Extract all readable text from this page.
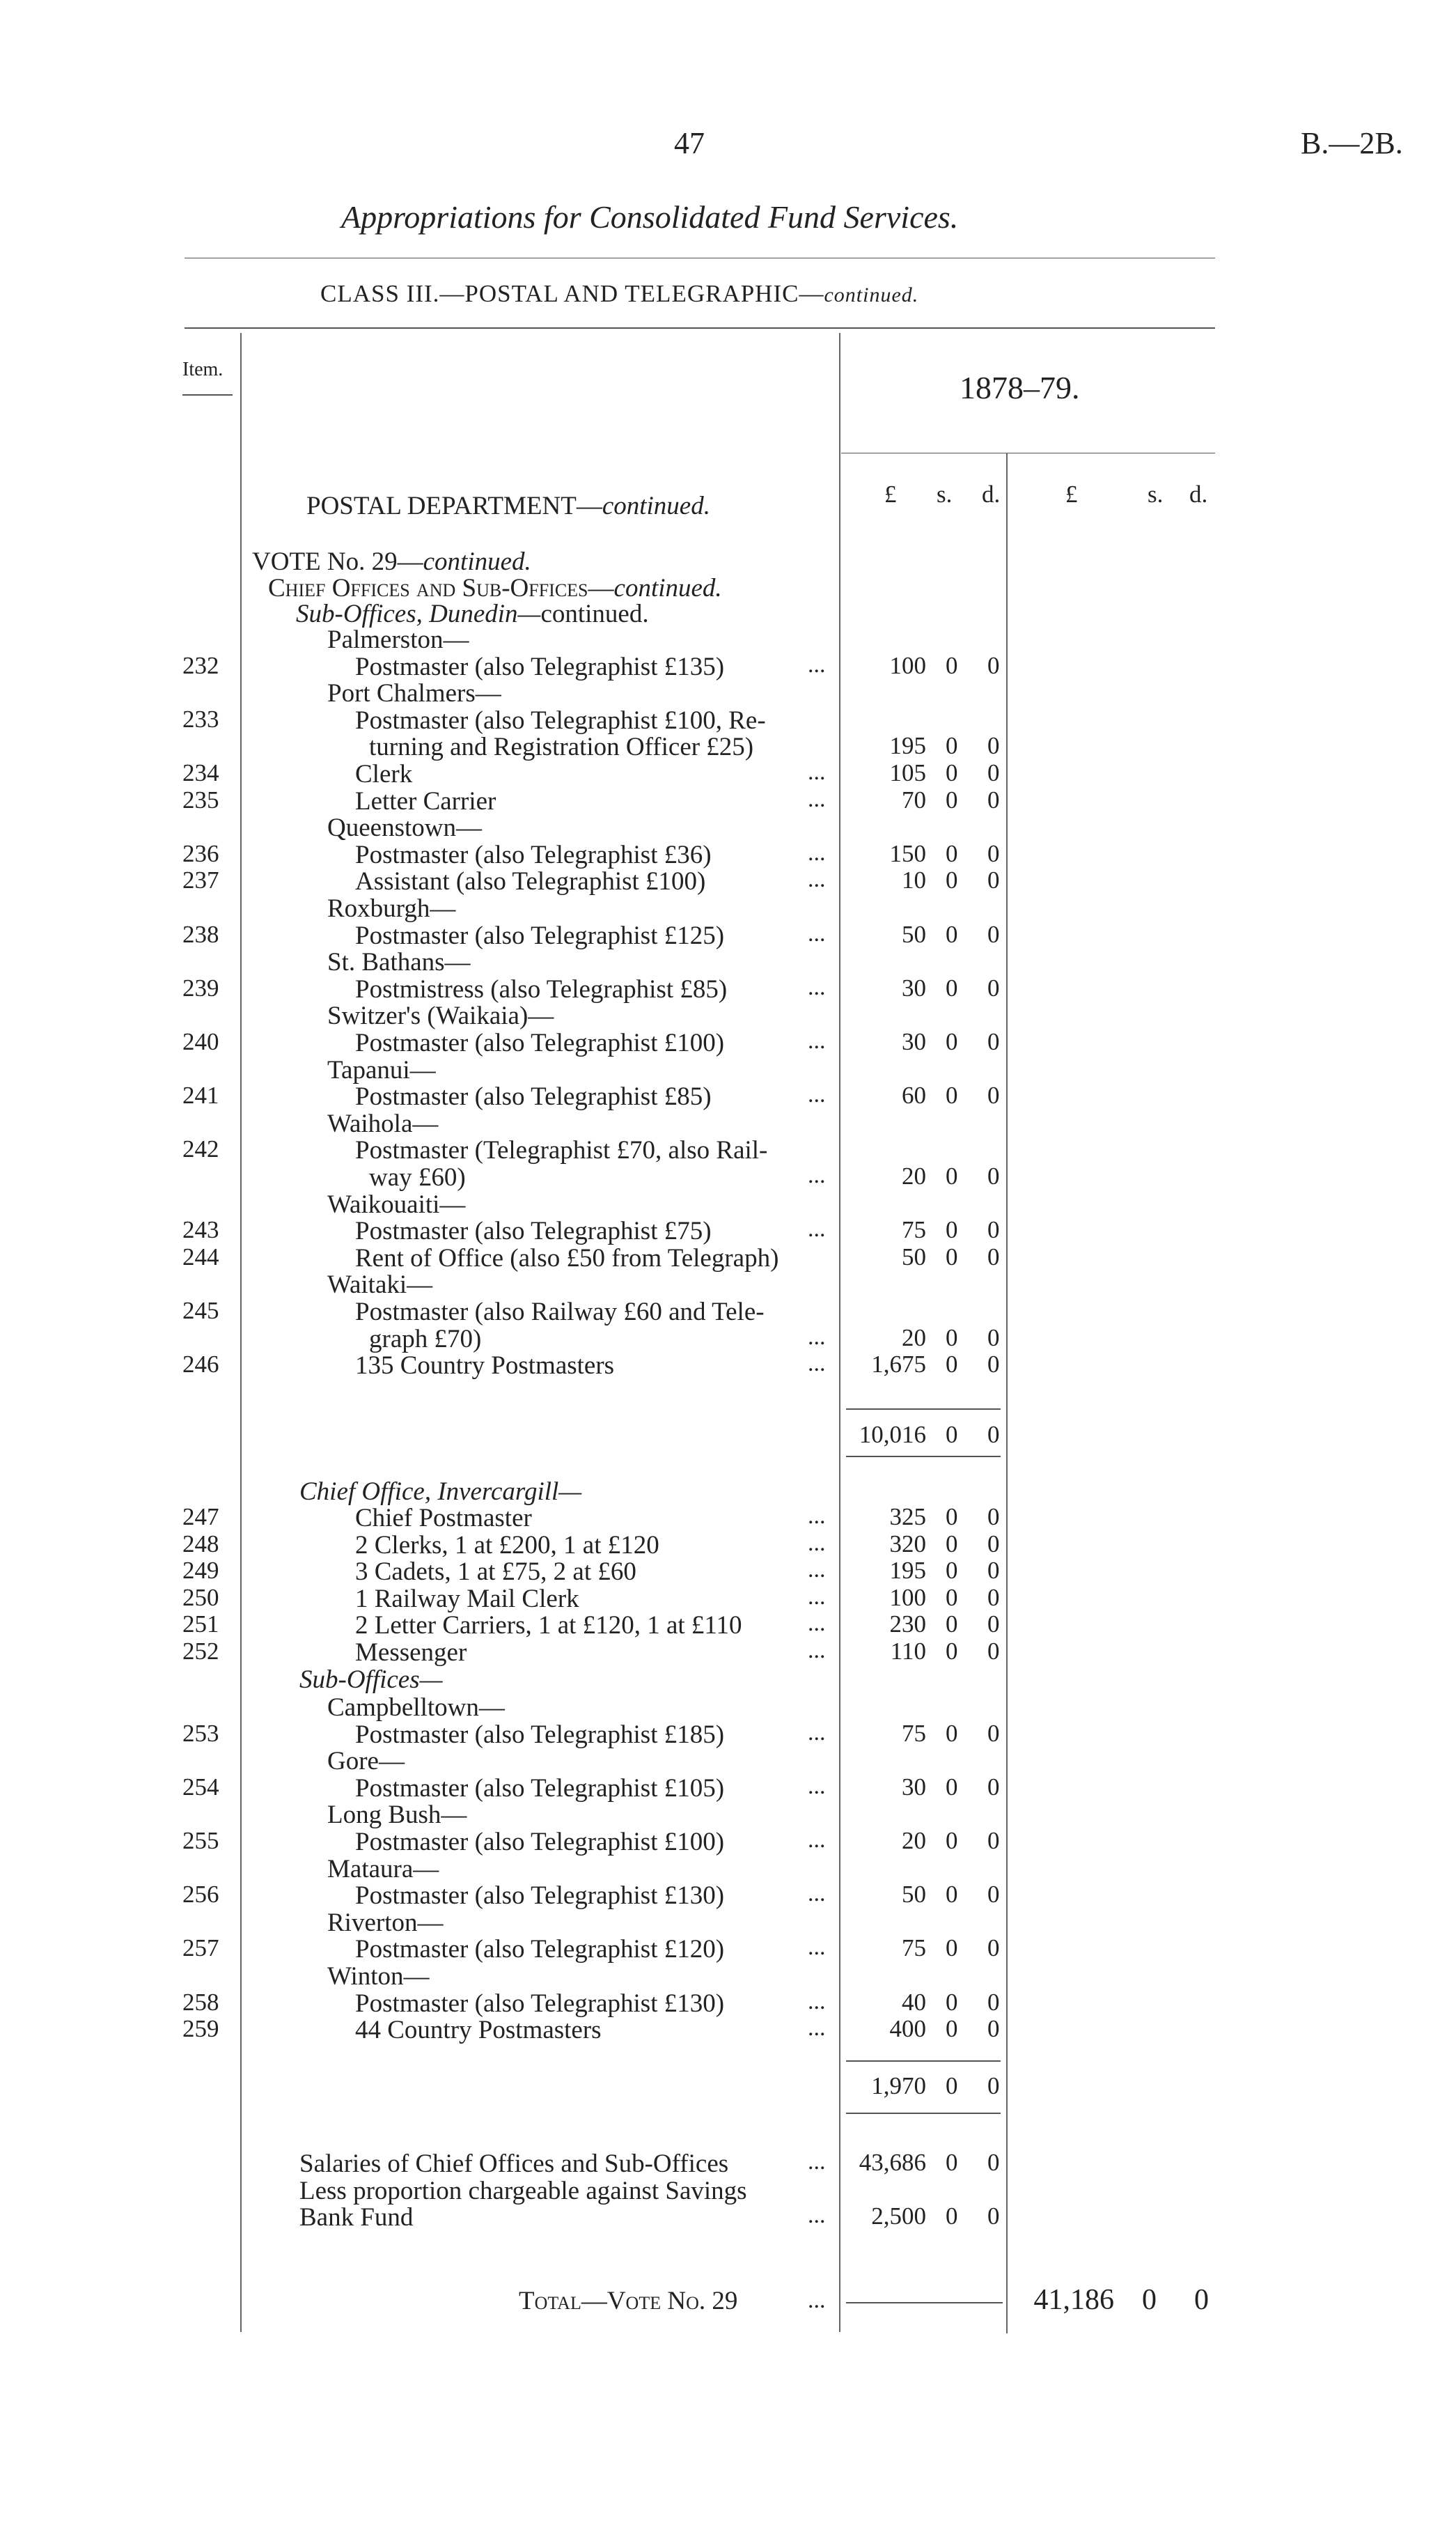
47	B.—2B.
Appropriations for Consolidated Fund Services.
CLASS III.—POSTAL AND TELEGRAPHIC—continued.
Item.
1878–79.
£ s. d.	£	s. d.
POSTAL DEPARTMENT—continued.
VOTE No. 29—continued.
Chief Offices and Sub-Offices—continued.
Sub-Offices, Dunedin—continued.
Palmerston—
232	Postmaster (also Telegraphist £135)	...	100 0 0
Port Chalmers—
233	Postmaster (also Telegraphist £100, Re-
turning and Registration Officer £25)	195 0 0
234	Clerk	...	105 0 0
235	Letter Carrier	...	70 0 0
Queenstown—
236	Postmaster (also Telegraphist £36)	...	150 0 0
237	Assistant (also Telegraphist £100)	...	10 0 0
Roxburgh—
238	Postmaster (also Telegraphist £125)	...	50 0 0
St. Bathans—
239	Postmistress (also Telegraphist £85)	...	30 0 0
Switzer's (Waikaia)—
240	Postmaster (also Telegraphist £100)	...	30 0 0
Tapanui—
241	Postmaster (also Telegraphist £85)	...	60 0 0
Waihola—
242	Postmaster (Telegraphist £70, also Rail-
way £60)	...	20 0 0
Waikouaiti—
243	Postmaster (also Telegraphist £75)	...	75 0 0
244	Rent of Office (also £50 from Telegraph)	50 0 0
Waitaki—
245	Postmaster (also Railway £60 and Tele-
graph £70)	...	20 0 0
246	135 Country Postmasters	...	1,675 0 0
10,016 0 0
Chief Office, Invercargill—
247	Chief Postmaster	...	325 0 0
248	2 Clerks, 1 at £200, 1 at £120	...	320 0 0
249	3 Cadets, 1 at £75, 2 at £60	...	195 0 0
250	1 Railway Mail Clerk	...	100 0 0
251	2 Letter Carriers, 1 at £120, 1 at £110	...	230 0 0
252	Messenger	...	110 0 0
Sub-Offices—
Campbelltown—
253	Postmaster (also Telegraphist £185)	...	75 0 0
Gore—
254	Postmaster (also Telegraphist £105)	...	30 0 0
Long Bush—
255	Postmaster (also Telegraphist £100)	...	20 0 0
Mataura—
256	Postmaster (also Telegraphist £130)	...	50 0 0
Riverton—
257	Postmaster (also Telegraphist £120)	...	75 0 0
Winton—
258	Postmaster (also Telegraphist £130)	...	40 0 0
259	44 Country Postmasters	...	400 0 0
1,970 0 0
Salaries of Chief Offices and Sub-Offices	...	43,686 0 0
Less proportion chargeable against Savings
Bank Fund	...	2,500 0 0
Total—Vote No. 29	...	41,186 0 0
